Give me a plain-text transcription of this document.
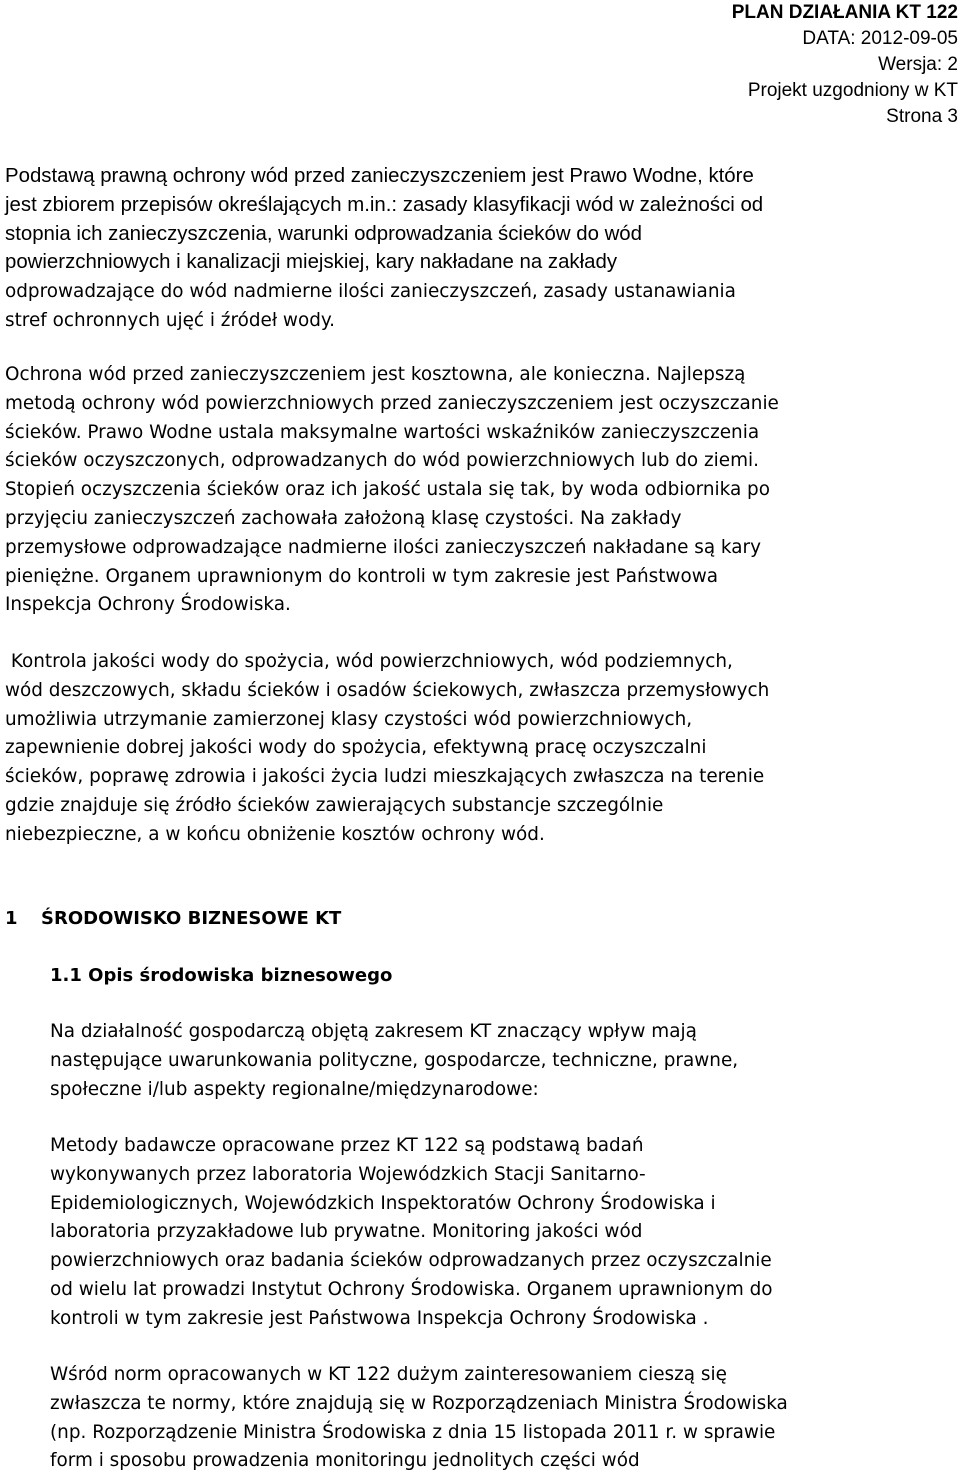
PLAN DZIAŁANIA KT 122
DATA: 2012-09-05
Wersja: 2
Projekt uzgodniony w KT
Strona 3
Podstawą prawną ochrony wód przed zanieczyszczeniem jest Prawo Wodne, które
jest zbiorem przepisów określających m.in.: zasady klasyfikacji wód w zależności od
stopnia ich zanieczyszczenia, warunki odprowadzania ścieków do wód
powierzchniowych i kanalizacji miejskiej, kary nakładane na zakłady
odprowadzające do wód nadmierne ilości zanieczyszczeń, zasady ustanawiania
stref ochronnych ujęć i źródeł wody.
Ochrona wód przed zanieczyszczeniem jest kosztowna, ale konieczna. Najlepszą
metodą ochrony wód powierzchniowych przed zanieczyszczeniem jest oczyszczanie
ścieków. Prawo Wodne ustala maksymalne wartości wskaźników zanieczyszczenia
ścieków oczyszczonych, odprowadzanych do wód powierzchniowych lub do ziemi.
Stopień oczyszczenia ścieków oraz ich jakość ustala się tak, by woda odbiornika po
przyjęciu zanieczyszczeń zachowała założoną klasę czystości. Na zakłady
przemysłowe odprowadzające nadmierne ilości zanieczyszczeń nakładane są kary
pieniężne. Organem uprawnionym do kontroli w tym zakresie jest Państwowa
Inspekcja Ochrony Środowiska.
Kontrola jakości wody do spożycia, wód powierzchniowych, wód podziemnych,
wód deszczowych, składu ścieków i osadów ściekowych, zwłaszcza przemysłowych
umożliwia utrzymanie zamierzonej klasy czystości wód powierzchniowych,
zapewnienie dobrej jakości wody do spożycia, efektywną pracę oczyszczalni
ścieków, poprawę zdrowia i jakości życia ludzi mieszkających zwłaszcza na terenie
gdzie znajduje się źródło ścieków zawierających substancje szczególnie
niebezpieczne, a w końcu obniżenie kosztów ochrony wód.
1 ŚRODOWISKO BIZNESOWE KT
1.1 Opis środowiska biznesowego
Na działalność gospodarczą objętą zakresem KT znaczący wpływ mają
następujące uwarunkowania polityczne, gospodarcze, techniczne, prawne,
społeczne i/lub aspekty regionalne/międzynarodowe:
Metody badawcze opracowane przez KT 122 są podstawą badań
wykonywanych przez laboratoria Wojewódzkich Stacji Sanitarno-
Epidemiologicznych, Wojewódzkich Inspektoratów Ochrony Środowiska i
laboratoria przyzakładowe lub prywatne. Monitoring jakości wód
powierzchniowych oraz badania ścieków odprowadzanych przez oczyszczalnie
od wielu lat prowadzi Instytut Ochrony Środowiska. Organem uprawnionym do
kontroli w tym zakresie jest Państwowa Inspekcja Ochrony Środowiska .
Wśród norm opracowanych w KT 122 dużym zainteresowaniem cieszą się
zwłaszcza te normy, które znajdują się w Rozporządzeniach Ministra Środowiska
(np. Rozporządzenie Ministra Środowiska z dnia 15 listopada 2011 r. w sprawie
form i sposobu prowadzenia monitoringu jednolitych części wód
